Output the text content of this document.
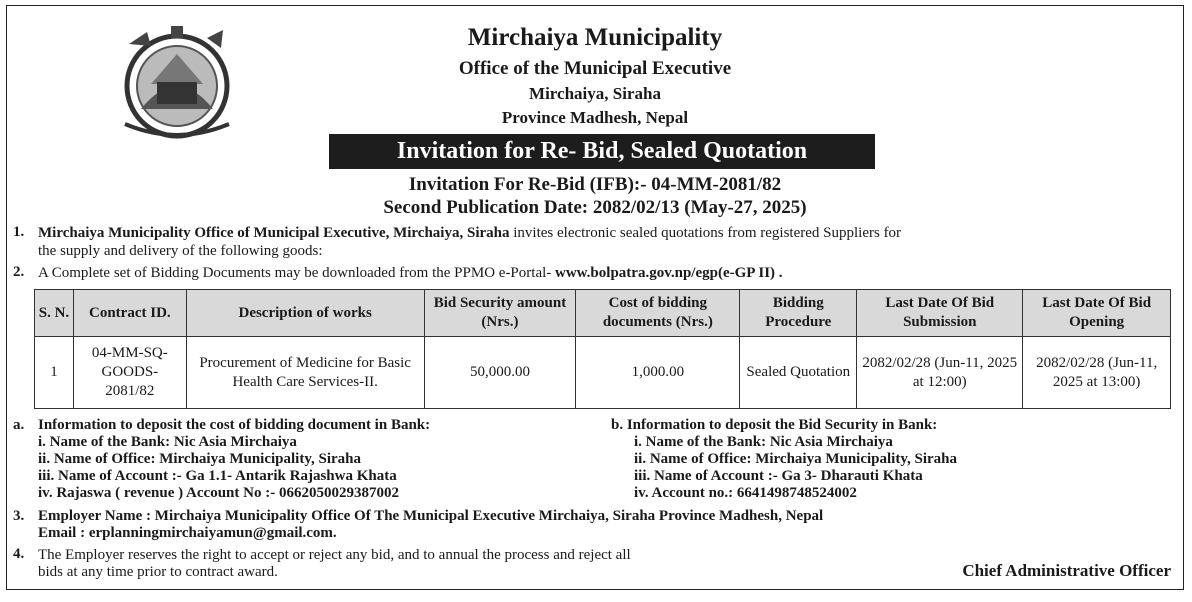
Mirchaiya Municipality
Office of the Municipal Executive
Mirchaiya, Siraha
Province Madhesh, Nepal
Invitation for Re- Bid, Sealed Quotation
Invitation For Re-Bid (IFB):- 04-MM-2081/82
Second Publication Date: 2082/02/13 (May-27, 2025)
1. Mirchaiya Municipality Office of Municipal Executive, Mirchaiya, Siraha invites electronic sealed quotations from registered Suppliers for
the supply and delivery of the following goods:
2. A Complete set of Bidding Documents may be downloaded from the PPMO e-Portal- www.bolpatra.gov.np/egp(e-GP II) .
S. N.	Contract ID.	Description of works	Bid Security amount (Nrs.)	Cost of bidding documents (Nrs.)	Bidding Procedure	Last Date Of Bid Submission	Last Date Of Bid Opening
1	04-MM-SQ-GOODS-2081/82	Procurement of Medicine for Basic Health Care Services-II.	50,000.00	1,000.00	Sealed Quotation	2082/02/28 (Jun-11, 2025 at 12:00)	2082/02/28 (Jun-11, 2025 at 13:00)
a. Information to deposit the cost of bidding document in Bank:
i. Name of the Bank: Nic Asia Mirchaiya
ii. Name of Office: Mirchaiya Municipality, Siraha
iii. Name of Account :- Ga 1.1- Antarik Rajashwa Khata
iv. Rajaswa ( revenue ) Account No :- 0662050029387002
b. Information to deposit the Bid Security in Bank:
i. Name of the Bank: Nic Asia Mirchaiya
ii. Name of Office: Mirchaiya Municipality, Siraha
iii. Name of Account :- Ga 3- Dharauti Khata
iv. Account no.: 6641498748524002
3. Employer Name : Mirchaiya Municipality Office Of The Municipal Executive Mirchaiya, Siraha Province Madhesh, Nepal
Email : erplanningmirchaiyamun@gmail.com.
4. The Employer reserves the right to accept or reject any bid, and to annual the process and reject all
bids at any time prior to contract award.	Chief Administrative Officer
